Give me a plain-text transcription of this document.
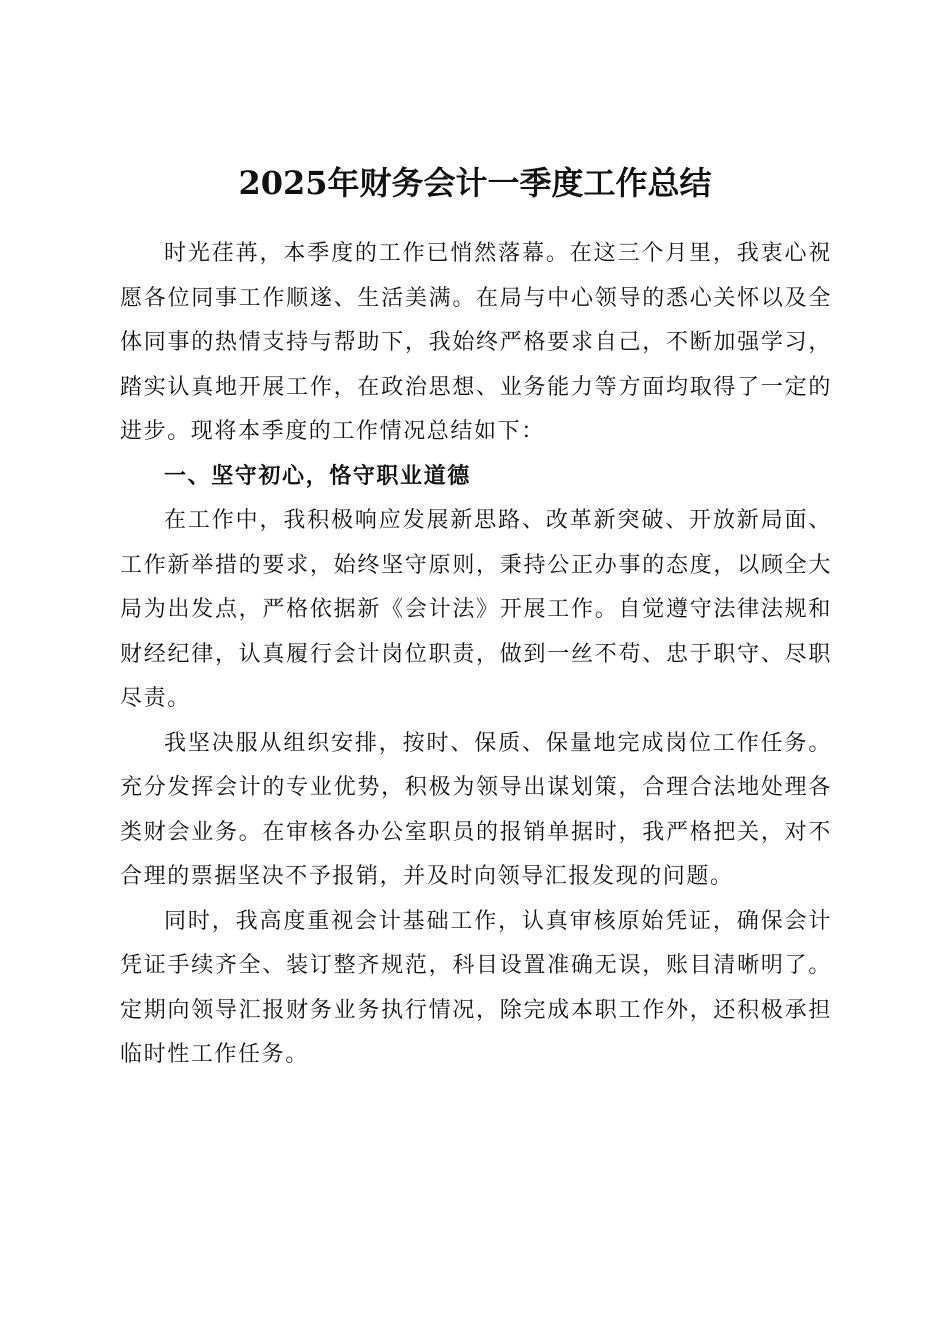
2025年财务会计一季度工作总结

时光荏苒，本季度的工作已悄然落幕。在这三个月里，我衷心祝愿各位同事工作顺遂、生活美满。在局与中心领导的悉心关怀以及全体同事的热情支持与帮助下，我始终严格要求自己，不断加强学习，踏实认真地开展工作，在政治思想、业务能力等方面均取得了一定的进步。现将本季度的工作情况总结如下：

一、坚守初心，恪守职业道德

在工作中，我积极响应发展新思路、改革新突破、开放新局面、工作新举措的要求，始终坚守原则，秉持公正办事的态度，以顾全大局为出发点，严格依据新《会计法》开展工作。自觉遵守法律法规和财经纪律，认真履行会计岗位职责，做到一丝不苟、忠于职守、尽职尽责。

我坚决服从组织安排，按时、保质、保量地完成岗位工作任务。充分发挥会计的专业优势，积极为领导出谋划策，合理合法地处理各类财会业务。在审核各办公室职员的报销单据时，我严格把关，对不合理的票据坚决不予报销，并及时向领导汇报发现的问题。

同时，我高度重视会计基础工作，认真审核原始凭证，确保会计凭证手续齐全、装订整齐规范，科目设置准确无误，账目清晰明了。定期向领导汇报财务业务执行情况，除完成本职工作外，还积极承担临时性工作任务。
